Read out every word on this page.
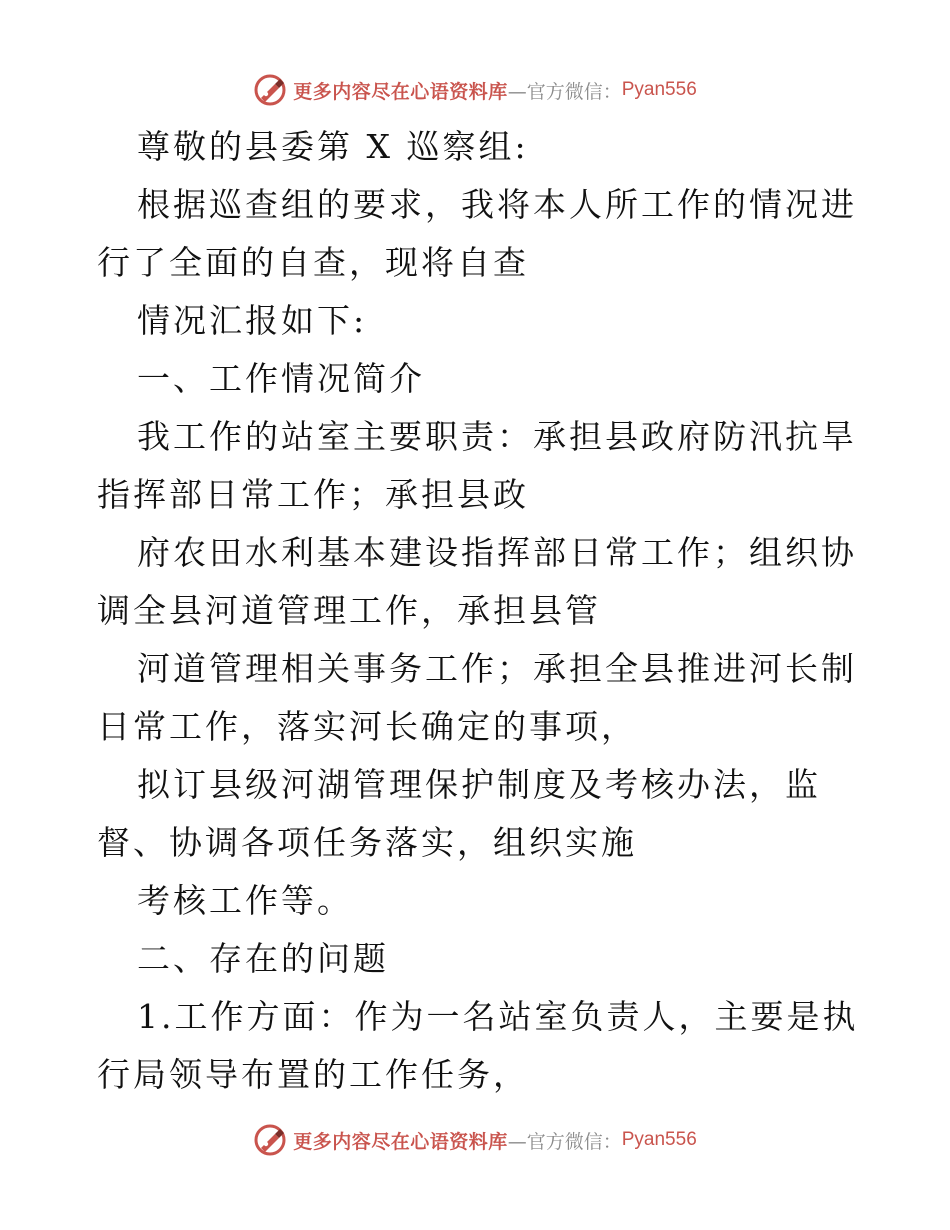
更多内容尽在心语资料库 —官方微信： Pyan556

尊敬的县委第 X 巡察组:

根据巡查组的要求，我将本人所工作的情况进行了全面的自查，现将自查

情况汇报如下:

一、工作情况简介

我工作的站室主要职责：承担县政府防汛抗旱指挥部日常工作；承担县政

府农田水利基本建设指挥部日常工作；组织协调全县河道管理工作，承担县管

河道管理相关事务工作；承担全县推进河长制日常工作，落实河长确定的事项，

拟订县级河湖管理保护制度及考核办法，监督、协调各项任务落实，组织实施

考核工作等。

二、存在的问题

1.工作方面：作为一名站室负责人，主要是执行局领导布置的工作任务，

更多内容尽在心语资料库 —官方微信： Pyan556
